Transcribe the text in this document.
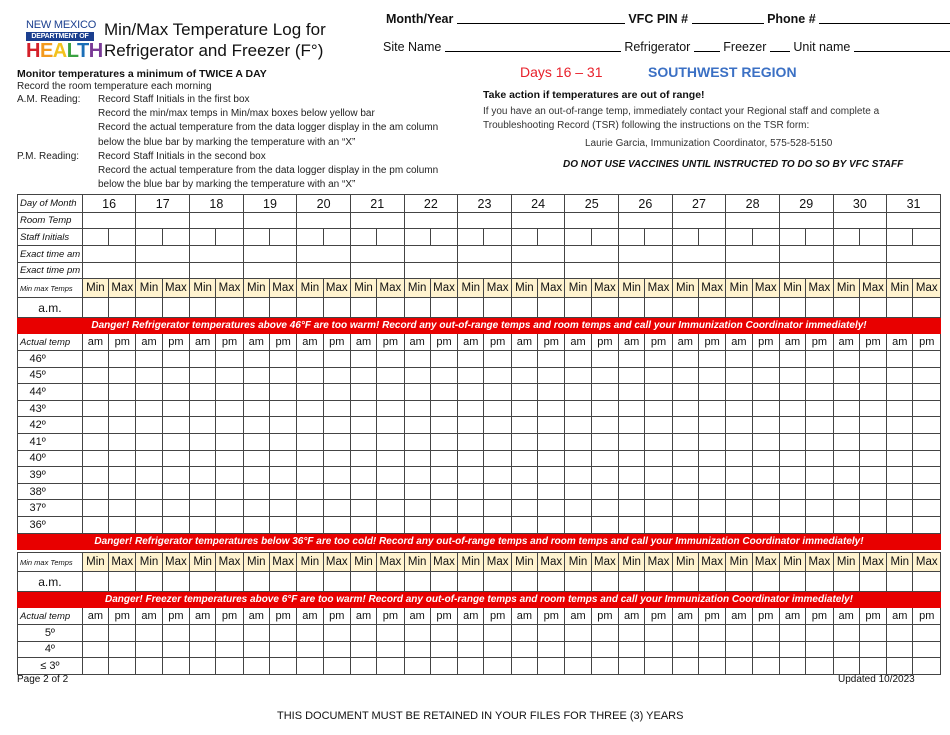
NEW MEXICO
DEPARTMENT OF
HEALTH
Min/Max Temperature Log for
Refrigerator and Freezer (F°)
Month/Year	VFC PIN #	Phone #
Site Name	Refrigerator	Freezer Unit name
Monitor temperatures a minimum of TWICE A DAY
Record the room temperature each morning
A.M. Reading: Record Staff Initials in the first box
Record the min/max temps in Min/max boxes below yellow bar
Record the actual temperature from the data logger display in the am column
below the blue bar by marking the temperature with an “X”
P.M. Reading: Record Staff Initials in the second box
Record the actual temperature from the data logger display in the pm column
below the blue bar by marking the temperature with an “X”
Days 16 – 31	SOUTHWEST REGION
Take action if temperatures are out of range!
If you have an out-of-range temp, immediately contact your Regional staff and complete a
Troubleshooting Record (TSR) following the instructions on the TSR form:
Laurie Garcia, Immunization Coordinator, 575-528-5150
DO NOT USE VACCINES UNTIL INSTRUCTED TO DO SO BY VFC STAFF
Day of Month	16		17		18		19		20		21		22		23		24		25		26		27		28		29		30		31	
Room Temp																																
Staff Initials																																
Exact time am																																
Exact time pm																																
Min max Temps	Min	Max	Min	Max	Min	Max	Min	Max	Min	Max	Min	Max	Min	Max	Min	Max	Min	Max	Min	Max	Min	Max	Min	Max	Min	Max	Min	Max	Min	Max	Min	Max
a.m.																																
Danger! Refrigerator temperatures above 46°F are too warm! Record any out-of-range temps and room temps and call your Immunization Coordinator immediately!																																
Actual temp	am	pm	am	pm	am	pm	am	pm	am	pm	am	pm	am	pm	am	pm	am	pm	am	pm	am	pm	am	pm	am	pm	am	pm	am	pm	am	pm
46º																																
45º																																
44º																																
43º																																
42º																																
41º																																
40º																																
39º																																
38º																																
37º																																
36º																																
Danger! Refrigerator temperatures below 36°F are too cold! Record any out-of-range temps and room temps and call your Immunization Coordinator immediately!																																
Min max Temps	Min	Max	Min	Max	Min	Max	Min	Max	Min	Max	Min	Max	Min	Max	Min	Max	Min	Max	Min	Max	Min	Max	Min	Max	Min	Max	Min	Max	Min	Max	Min	Max
a.m.																																
Danger! Freezer temperatures above 6°F are too warm! Record any out-of-range temps and room temps and call your Immunization Coordinator immediately!																																
Actual temp	am	pm	am	pm	am	pm	am	pm	am	pm	am	pm	am	pm	am	pm	am	pm	am	pm	am	pm	am	pm	am	pm	am	pm	am	pm	am	pm
5º																																
4º																																
≤ 3º																																
Page 2 of 2	Updated 10/2023
THIS DOCUMENT MUST BE RETAINED IN YOUR FILES FOR THREE (3) YEARS
